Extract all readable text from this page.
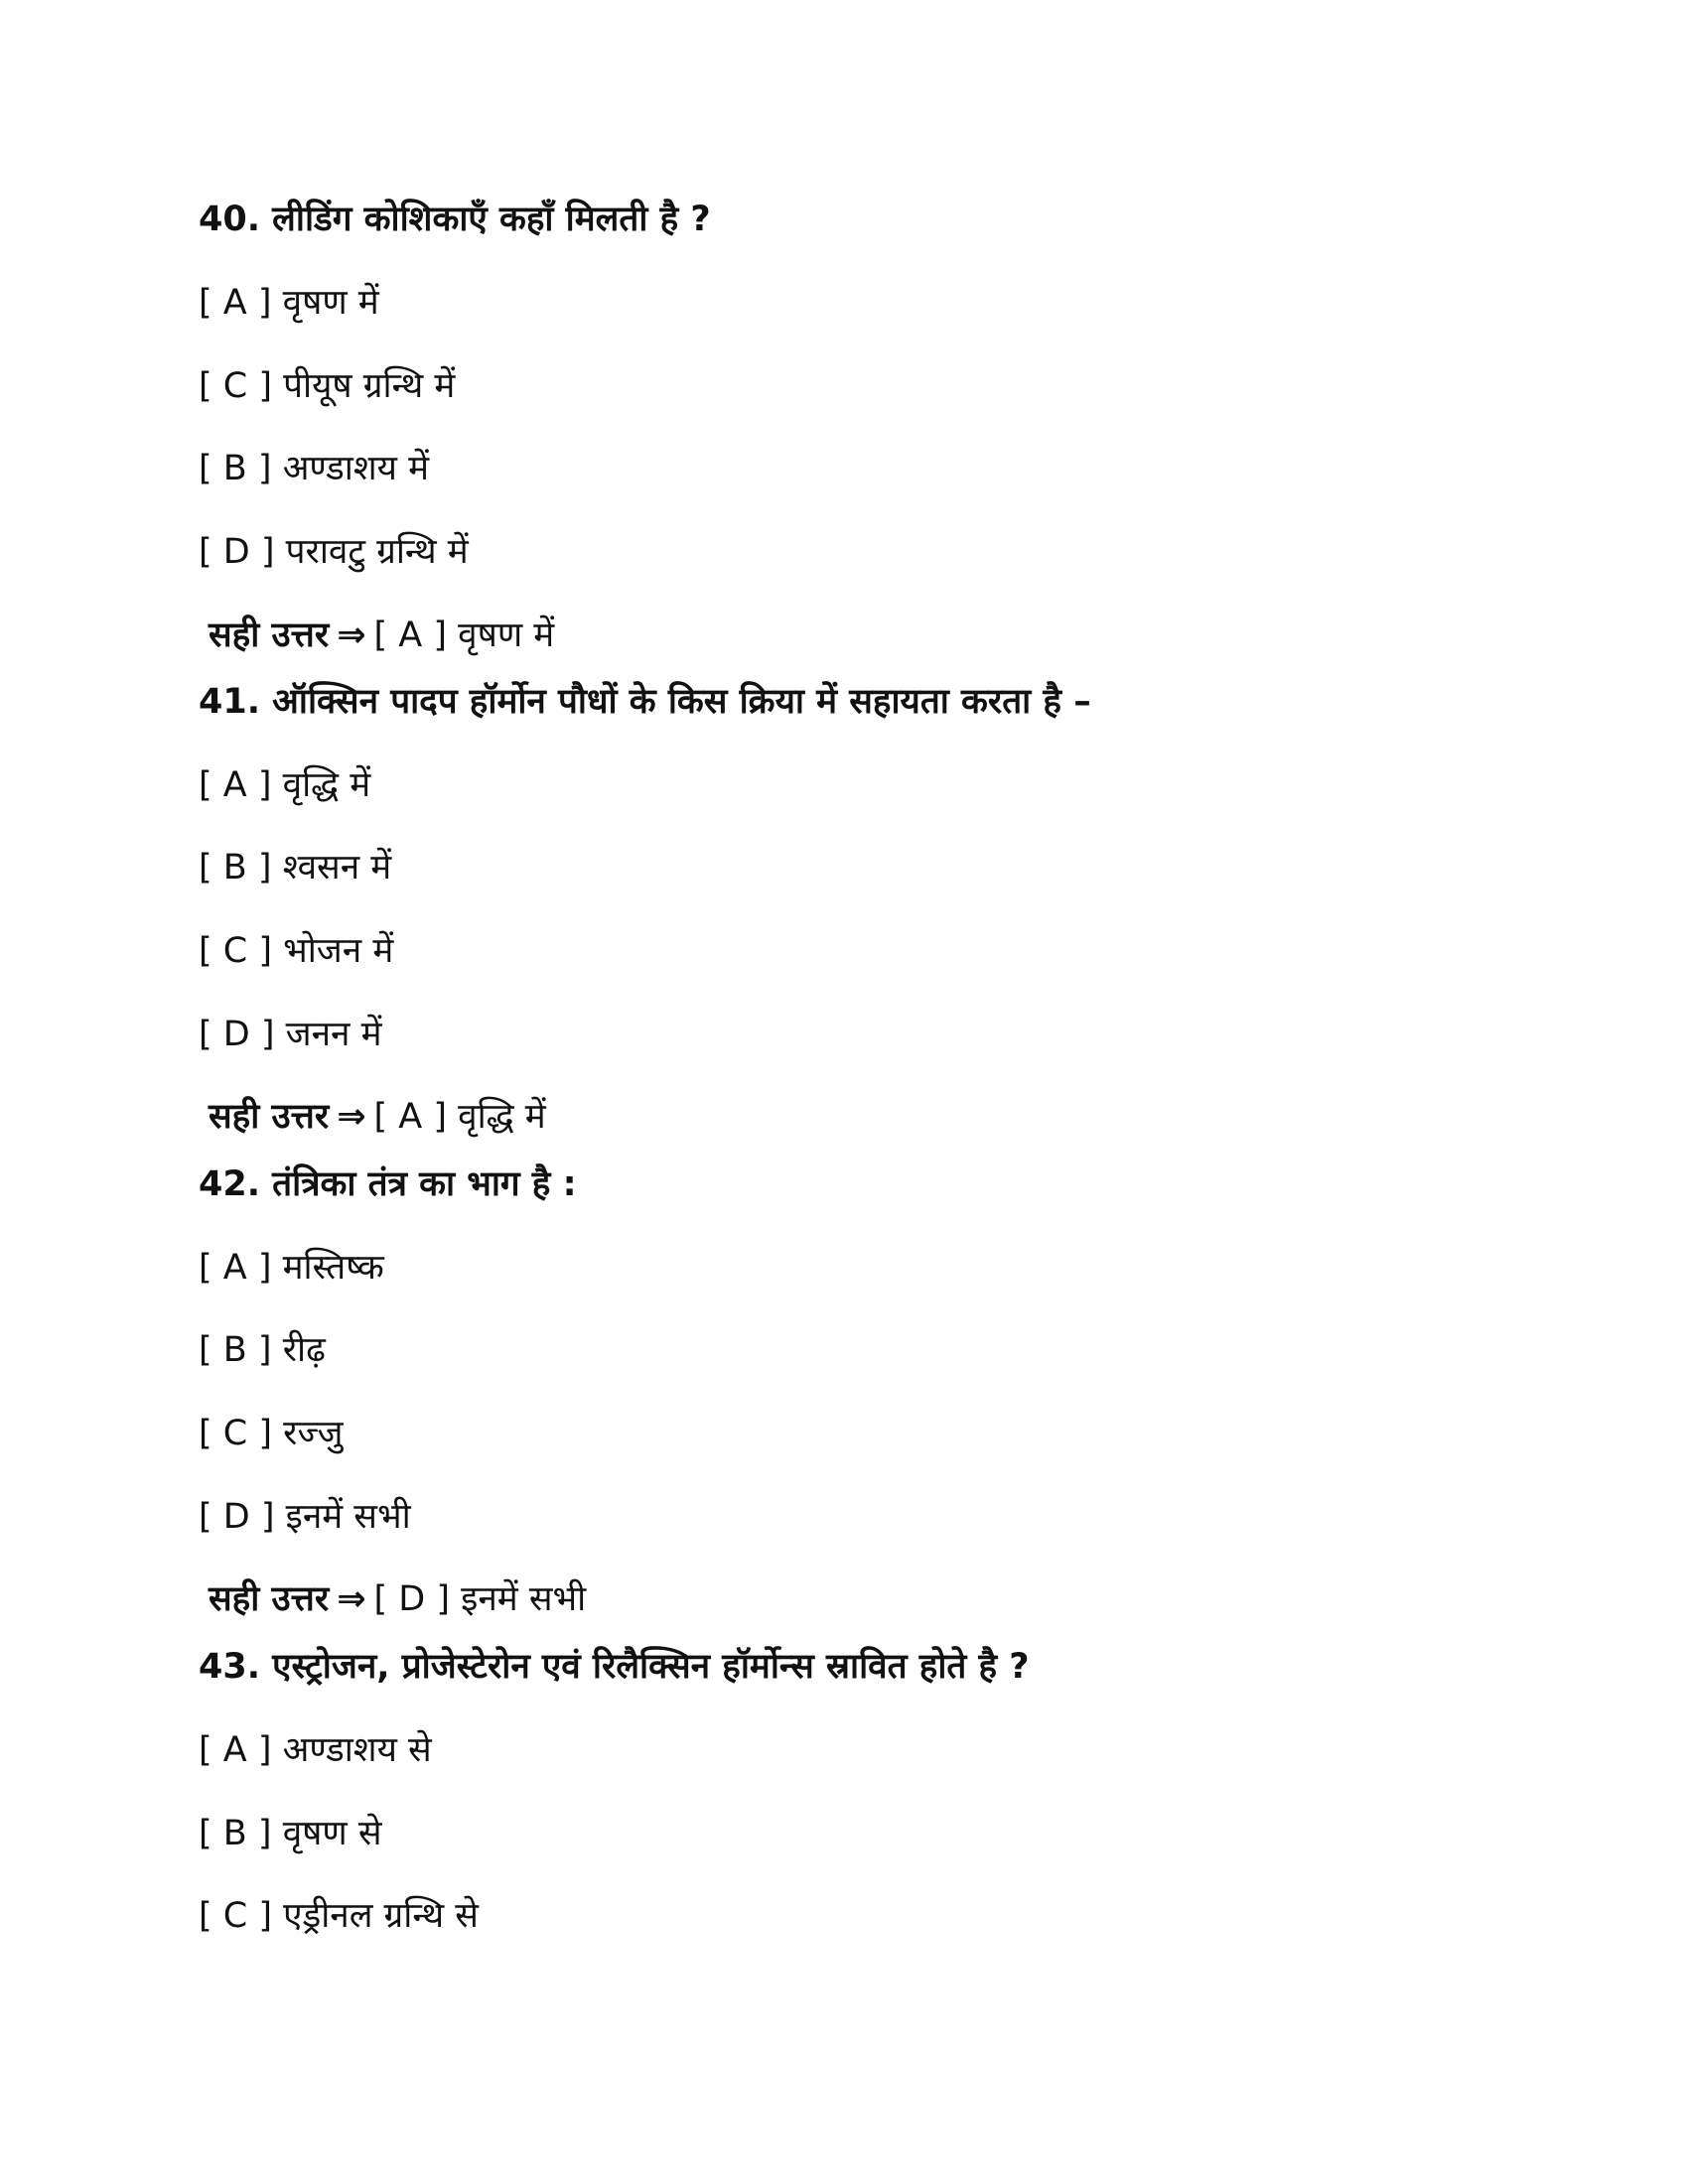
40. लीडिंग कोशिकाएँ कहाँ मिलती है ?
[ A ] वृषण में
[ C ] पीयूष ग्रन्थि में
[ B ] अण्डाशय में
[ D ] परावटु ग्रन्थि में
सही उत्तर ⇒ [ A ] वृषण में
41. ऑक्सिन पादप हॉर्मोन पौधों के किस क्रिया में सहायता करता है –
[ A ] वृद्धि में
[ B ] श्वसन में
[ C ] भोजन में
[ D ] जनन में
सही उत्तर ⇒ [ A ] वृद्धि में
42. तंत्रिका तंत्र का भाग है :
[ A ] मस्तिष्क
[ B ] रीढ़
[ C ] रज्जु
[ D ] इनमें सभी
सही उत्तर ⇒ [ D ] इनमें सभी
43. एस्ट्रोजन, प्रोजेस्टेरोन एवं रिलैक्सिन हॉर्मोन्स स्रावित होते है ?
[ A ] अण्डाशय से
[ B ] वृषण से
[ C ] एड्रीनल ग्रन्थि से
